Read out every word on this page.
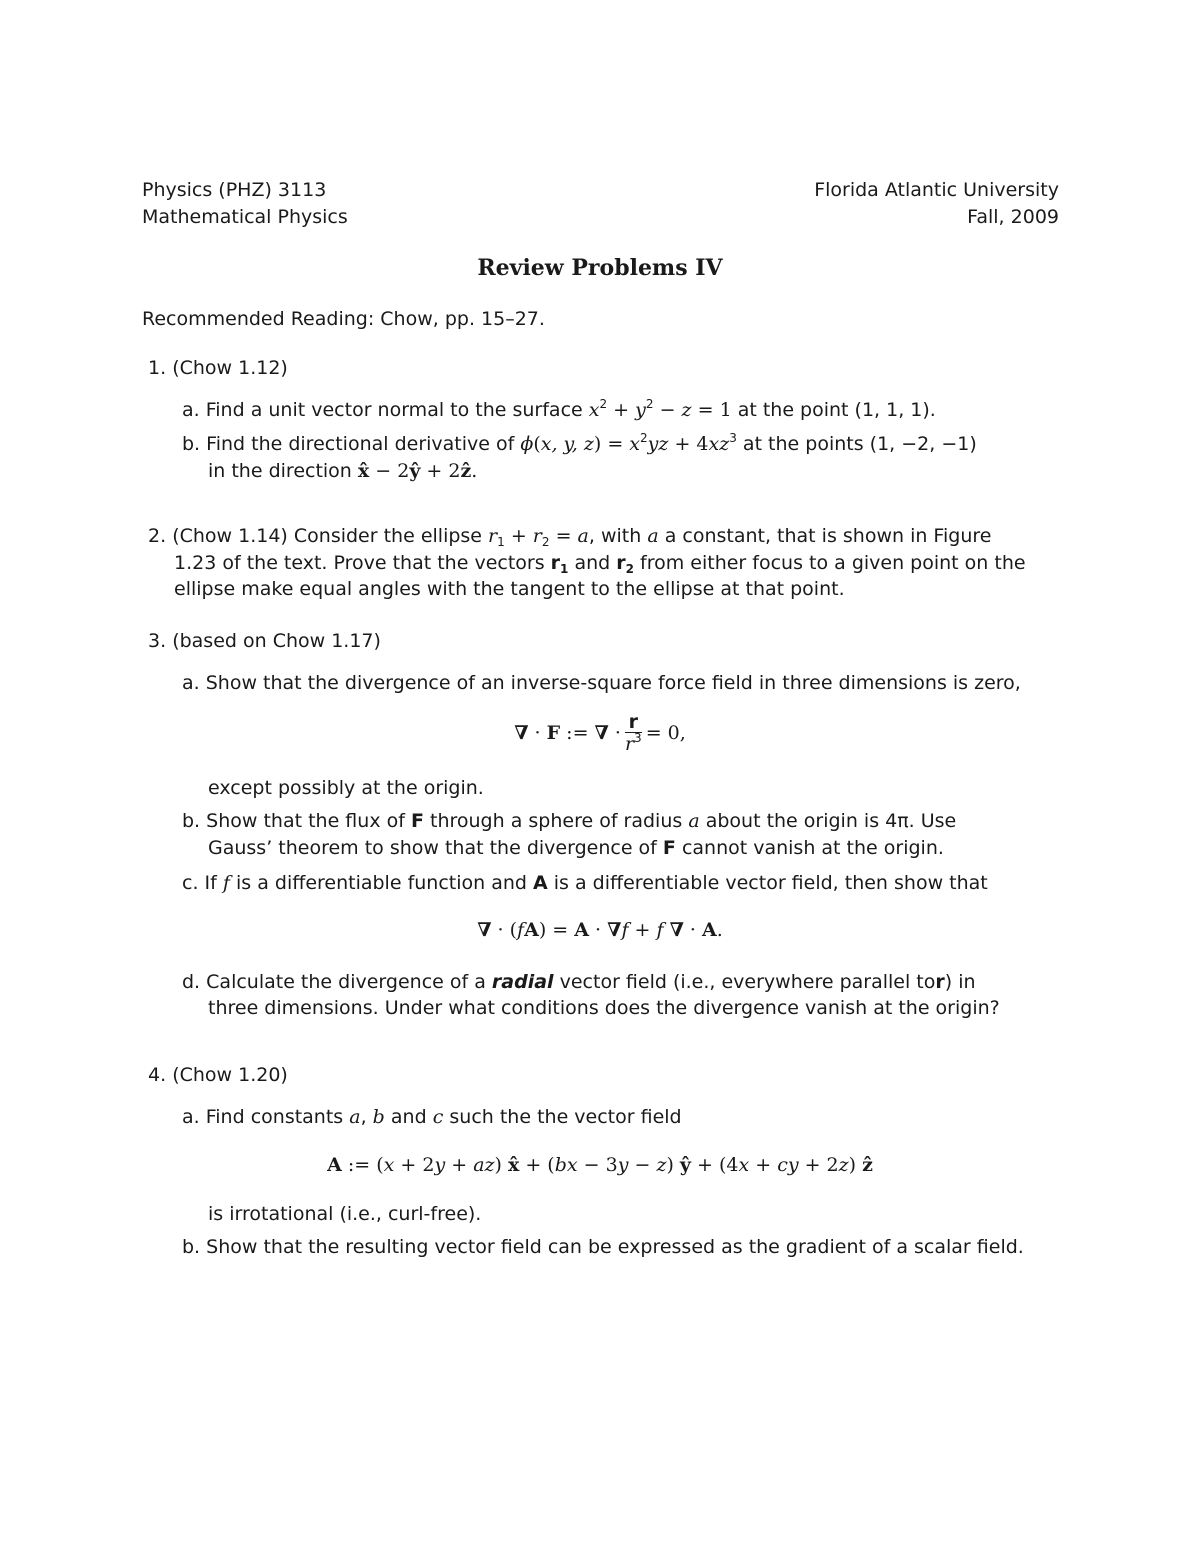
Physics (PHZ) 3113
Mathematical Physics
Florida Atlantic University
Fall, 2009
Review Problems IV
Recommended Reading: Chow, pp. 15–27.
1. (Chow 1.12)
a. Find a unit vector normal to the surface $x^2 + y^2 - z = 1$ at the point (1, 1, 1).
b. Find the directional derivative of ϕ(x, y, $z) = x^2yz + 4xz^3$ at the points (1, −2, −1)
in the direction x̂ − 2ŷ + 2ẑ.
2. (Chow 1.14) Consider the ellipse $r_1 + r_2 = a$, with a a constant, that is shown in Figure
1.23 of the text. Prove that the vectors $r_1$ and $r_2$ from either focus to a given point on the
ellipse make equal angles with the tangent to the ellipse at that point.
3. (based on Chow 1.17)
a. Show that the divergence of an inverse-square force field in three dimensions is zero,
∇ · F := ∇ · $\frac{r}{r^3} = 0$,
except possibly at the origin.
b. Show that the flux of F through a sphere of radius a about the origin is 4π. Use
Gauss’ theorem to show that the divergence of F cannot vanish at the origin.
c. If f is a differentiable function and A is a differentiable vector field, then show that
∇ · (fA) = A · ∇f + f ∇ · A.
d. Calculate the divergence of a radial vector field (i.e., everywhere parallel tor) in
three dimensions. Under what conditions does the divergence vanish at the origin?
4. (Chow 1.20)
a. Find constants a, b and c such the the vector field
A := (x + 2y + az) x̂ + (bx − 3y − z) ŷ + (4x + cy + 2z) ẑ
is irrotational (i.e., curl-free).
b. Show that the resulting vector field can be expressed as the gradient of a scalar field.
